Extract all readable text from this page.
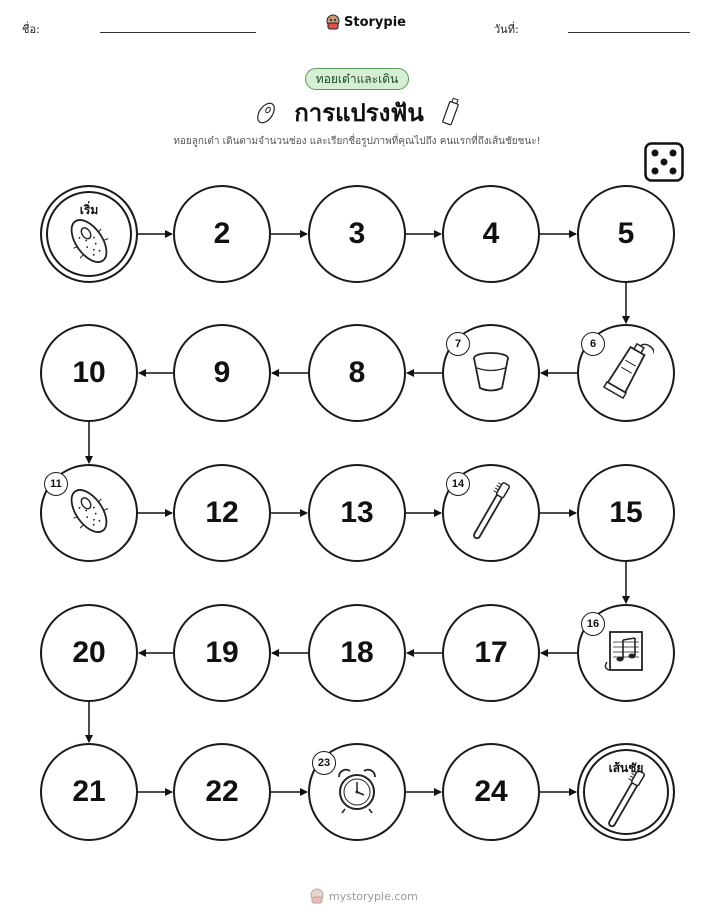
ชื่อ:	Storypie	วันที่:
ทอยเต๋าและเดิน
การแปรงฟัน
ทอยลูกเต๋า เดินตามจำนวนช่อง และเรียกชื่อรูปภาพที่คุณไปถึง คนแรกที่ถึงเส้นชัยชนะ!
เริ่ม
2	3	4	5
6
7
8
9
10
11
12	13
14
15
16
17
18
19
20
21	22
23
24
เส้นชัย
mystorypie.com
